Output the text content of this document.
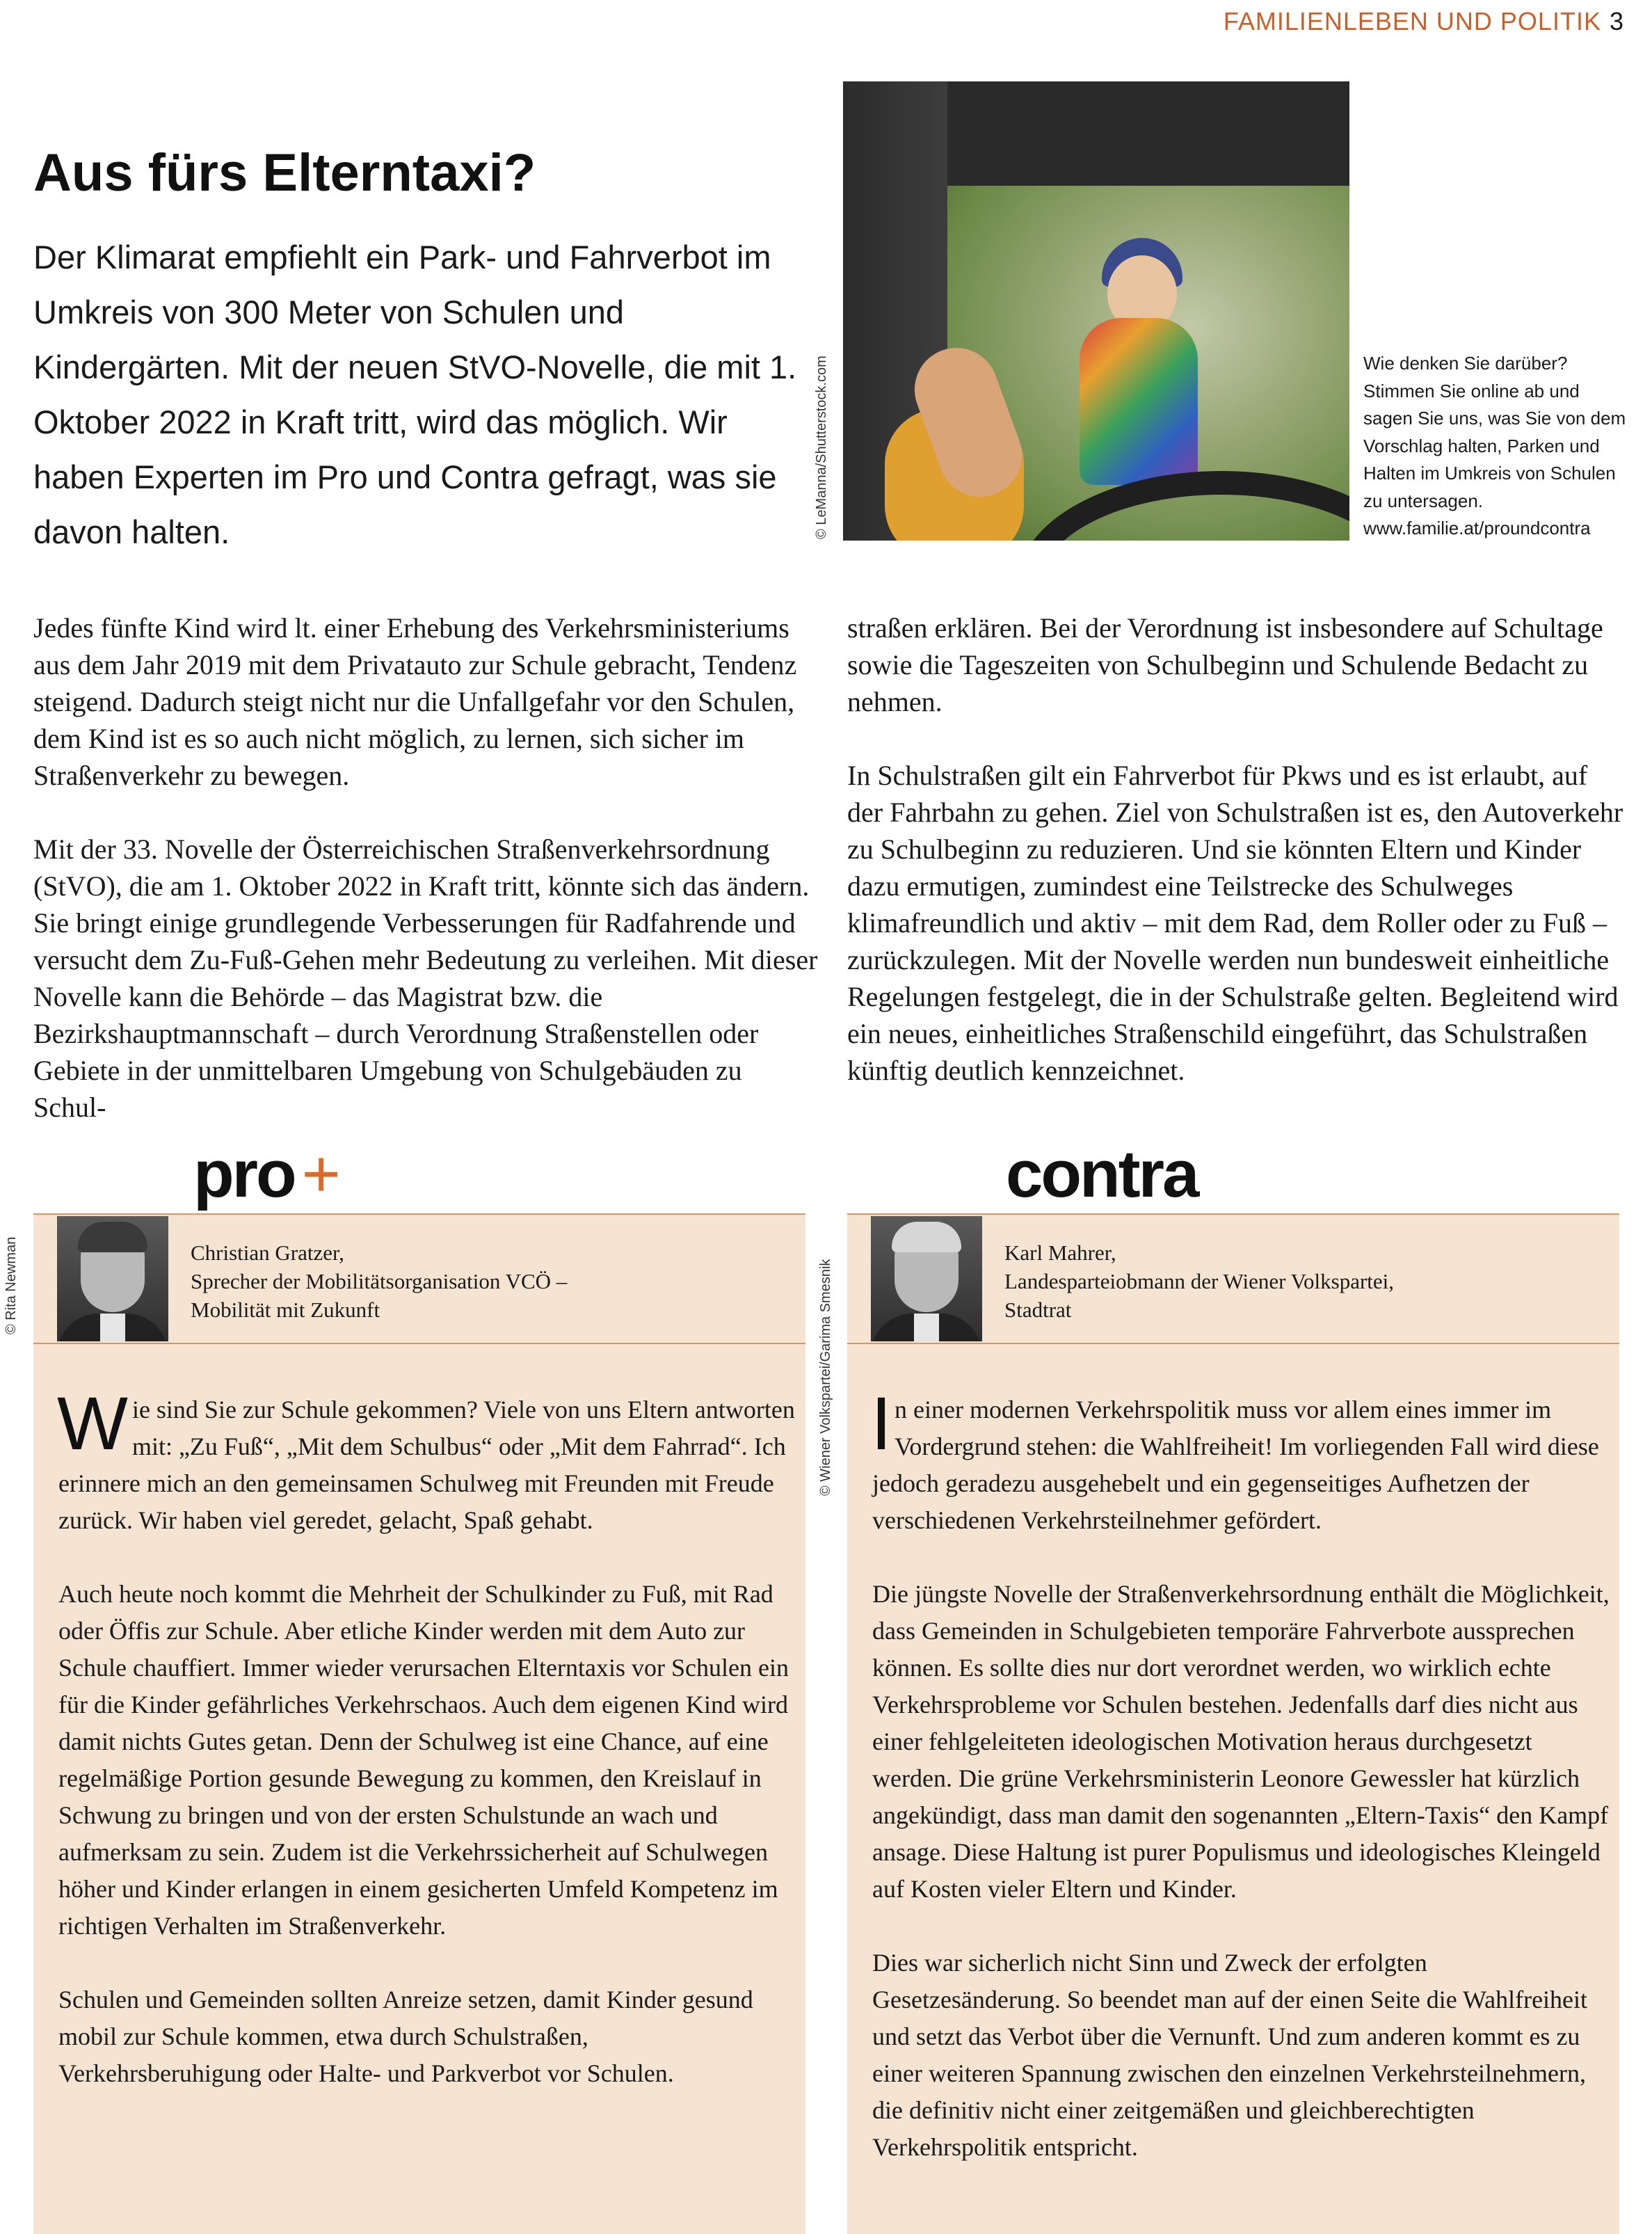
FAMILIENLEBEN UND POLITIK 3
Aus fürs Elterntaxi?

Der Klimarat empfiehlt ein Park- und Fahrverbot im Umkreis von 300 Meter von Schulen und Kindergärten. Mit der neuen StVO-Novelle, die mit 1. Oktober 2022 in Kraft tritt, wird das möglich. Wir haben Experten im Pro und Contra gefragt, was sie davon halten.	© LeManna/Shutterstock.com	Wie denken Sie darüber? Stimmen Sie online ab und sagen Sie uns, was Sie von dem Vorschlag halten, Parken und Halten im Umkreis von Schulen zu untersagen. www.familie.at/proundcontra

Jedes fünfte Kind wird lt. einer Erhebung des Verkehrsministeriums aus dem Jahr 2019 mit dem Privatauto zur Schule gebracht, Tendenz steigend. Dadurch steigt nicht nur die Unfallgefahr vor den Schulen, dem Kind ist es so auch nicht möglich, zu lernen, sich sicher im Straßenverkehr zu bewegen.

Mit der 33. Novelle der Österreichischen Straßenverkehrsordnung (StVO), die am 1. Oktober 2022 in Kraft tritt, könnte sich das ändern. Sie bringt einige grundlegende Verbesserungen für Radfahrende und versucht dem Zu-Fuß-Gehen mehr Bedeutung zu verleihen. Mit dieser Novelle kann die Behörde – das Magistrat bzw. die Bezirkshauptmannschaft – durch Verordnung Straßenstellen oder Gebiete in der unmittelbaren Umgebung von Schulgebäuden zu Schul-

straßen erklären. Bei der Verordnung ist insbesondere auf Schultage sowie die Tageszeiten von Schulbeginn und Schulende Bedacht zu nehmen.

In Schulstraßen gilt ein Fahrverbot für Pkws und es ist erlaubt, auf der Fahrbahn zu gehen. Ziel von Schulstraßen ist es, den Autoverkehr zu Schulbeginn zu reduzieren. Und sie könnten Eltern und Kinder dazu ermutigen, zumindest eine Teilstrecke des Schulweges klimafreundlich und aktiv – mit dem Rad, dem Roller oder zu Fuß – zurückzulegen. Mit der Novelle werden nun bundesweit einheitliche Regelungen festgelegt, die in der Schulstraße gelten. Begleitend wird ein neues, einheitliches Straßenschild eingeführt, das Schulstraßen künftig deutlich kennzeichnet.

pro +	contra
© Rita Newman	© Wiener Volkspartei/Garima Smesnik
Christian Gratzer,
Sprecher der Mobilitätsorganisation VCÖ –
Mobilität mit Zukunft

Wie sind Sie zur Schule gekommen? Viele von uns Eltern antworten mit: „Zu Fuß“, „Mit dem Schulbus“ oder „Mit dem Fahrrad“. Ich erinnere mich an den gemeinsamen Schulweg mit Freunden mit Freude zurück. Wir haben viel geredet, gelacht, Spaß gehabt.

Auch heute noch kommt die Mehrheit der Schulkinder zu Fuß, mit Rad oder Öffis zur Schule. Aber etliche Kinder werden mit dem Auto zur Schule chauffiert. Immer wieder verursachen Elterntaxis vor Schulen ein für die Kinder gefährliches Verkehrschaos. Auch dem eigenen Kind wird damit nichts Gutes getan. Denn der Schulweg ist eine Chance, auf eine regelmäßige Portion gesunde Bewegung zu kommen, den Kreislauf in Schwung zu bringen und von der ersten Schulstunde an wach und aufmerksam zu sein. Zudem ist die Verkehrssicherheit auf Schulwegen höher und Kinder erlangen in einem gesicherten Umfeld Kompetenz im richtigen Verhalten im Straßenverkehr.

Schulen und Gemeinden sollten Anreize setzen, damit Kinder gesund mobil zur Schule kommen, etwa durch Schulstraßen, Verkehrsberuhigung oder Halte- und Parkverbot vor Schulen.

Karl Mahrer,
Landesparteiobmann der Wiener Volkspartei,
Stadtrat

In einer modernen Verkehrspolitik muss vor allem eines immer im Vordergrund stehen: die Wahlfreiheit! Im vorliegenden Fall wird diese jedoch geradezu ausgehebelt und ein gegenseitiges Aufhetzen der verschiedenen Verkehrsteilnehmer gefördert.

Die jüngste Novelle der Straßenverkehrsordnung enthält die Möglichkeit, dass Gemeinden in Schulgebieten temporäre Fahrverbote aussprechen können. Es sollte dies nur dort verordnet werden, wo wirklich echte Verkehrsprobleme vor Schulen bestehen. Jedenfalls darf dies nicht aus einer fehlgeleiteten ideologischen Motivation heraus durchgesetzt werden. Die grüne Verkehrsministerin Leonore Gewessler hat kürzlich angekündigt, dass man damit den sogenannten „Eltern-Taxis“ den Kampf ansage. Diese Haltung ist purer Populismus und ideologisches Kleingeld auf Kosten vieler Eltern und Kinder.

Dies war sicherlich nicht Sinn und Zweck der erfolgten Gesetzesänderung. So beendet man auf der einen Seite die Wahlfreiheit und setzt das Verbot über die Vernunft. Und zum anderen kommt es zu einer weiteren Spannung zwischen den einzelnen Verkehrsteilnehmern, die definitiv nicht einer zeitgemäßen und gleichberechtigten Verkehrspolitik entspricht.
